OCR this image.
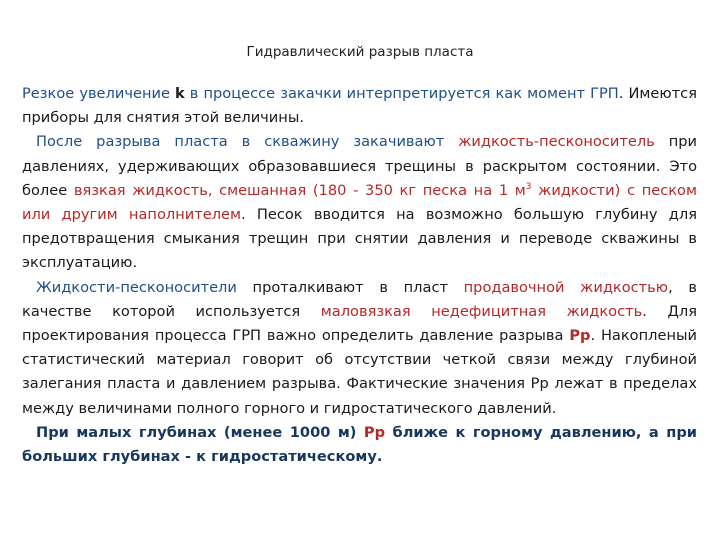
Гидравлический разрыв пласта

Резкое увеличение k в процессе закачки интерпретируется как момент ГРП. Имеются приборы для снятия этой величины.

После разрыва пласта в скважину закачивают жидкость-песконоситель при давлениях, удерживающих образовавшиеся трещины в раскрытом состоянии. Это более вязкая жидкость, смешанная (180 - 350 кг песка на 1 $м^3$ жидкости) с песком или другим наполнителем. Песок вводится на возможно большую глубину для предотвращения смыкания трещин при снятии давления и переводе скважины в эксплуатацию.

Жидкости-песконосители проталкивают в пласт продавочной жидкостью, в качестве которой используется маловязкая недефицитная жидкость. Для проектирования процесса ГРП важно определить давление разрыва Рр. Накопленый статистический материал говорит об отсутствии четкой связи между глубиной залегания пласта и давлением разрыва. Фактические значения Рр лежат в пределах между величинами полного горного и гидростатического давлений.

При малых глубинах (менее 1000 м) Рр ближе к горному давлению, а при больших глубинах - к гидростатическому.
